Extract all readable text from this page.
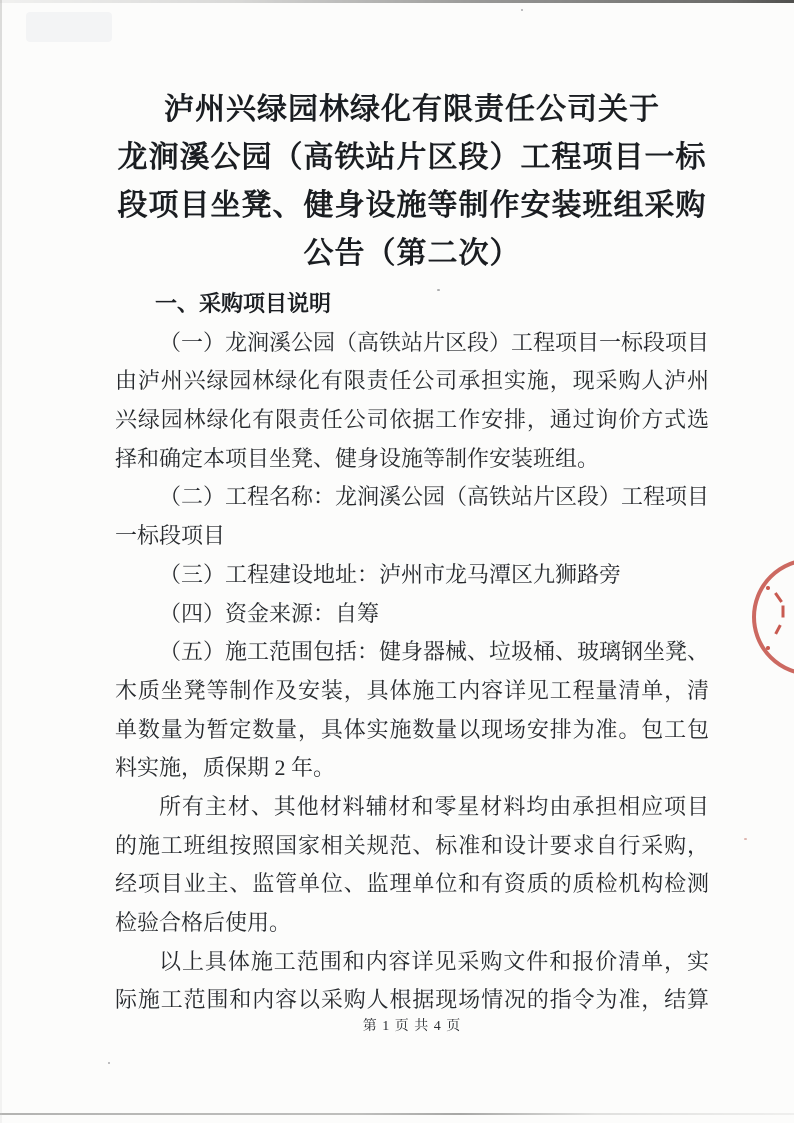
泸州兴绿园林绿化有限责任公司关于
龙涧溪公园（高铁站片区段）工程项目一标
段项目坐凳、健身设施等制作安装班组采购
公告（第二次）
一、采购项目说明
（一）龙涧溪公园（高铁站片区段）工程项目一标段项目
由泸州兴绿园林绿化有限责任公司承担实施，现采购人泸州
兴绿园林绿化有限责任公司依据工作安排，通过询价方式选
择和确定本项目坐凳、健身设施等制作安装班组。
（二）工程名称：龙涧溪公园（高铁站片区段）工程项目
一标段项目
（三）工程建设地址：泸州市龙马潭区九狮路旁
（四）资金来源：自筹
（五）施工范围包括：健身器械、垃圾桶、玻璃钢坐凳、
木质坐凳等制作及安装，具体施工内容详见工程量清单，清
单数量为暂定数量，具体实施数量以现场安排为准。包工包
料实施，质保期 2 年。
所有主材、其他材料辅材和零星材料均由承担相应项目
的施工班组按照国家相关规范、标准和设计要求自行采购，
经项目业主、监管单位、监理单位和有资质的质检机构检测
检验合格后使用。
以上具体施工范围和内容详见采购文件和报价清单，实
际施工范围和内容以采购人根据现场情况的指令为准，结算
第 1 页 共 4 页
